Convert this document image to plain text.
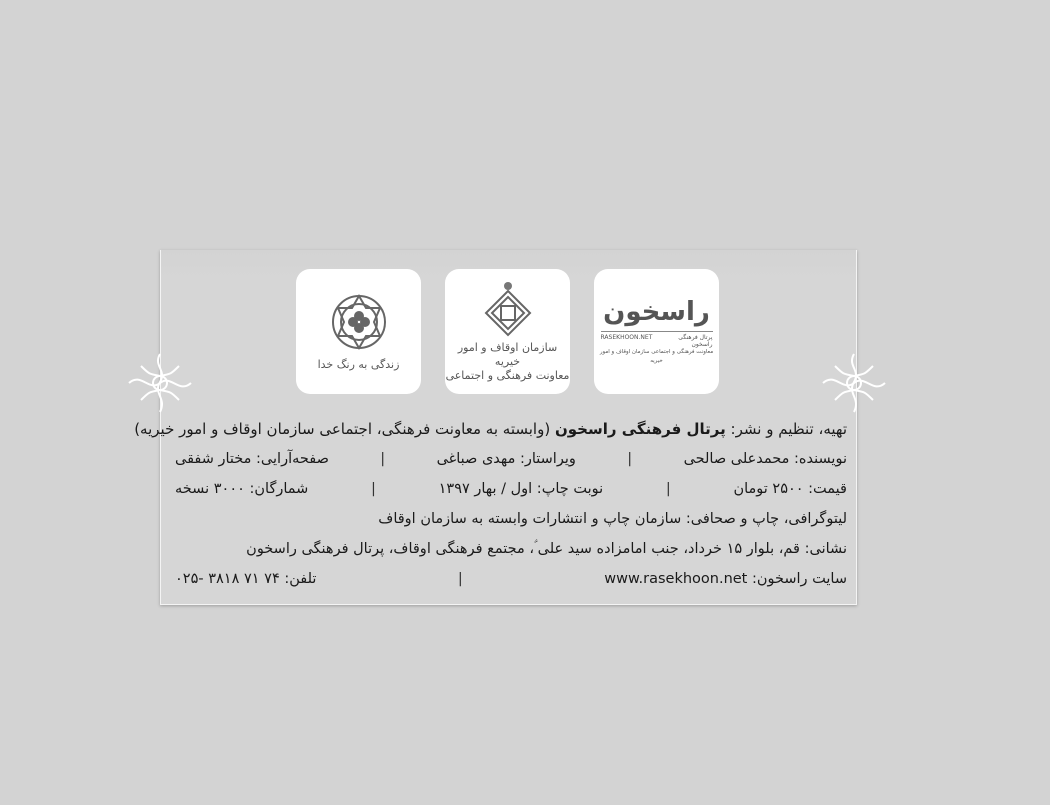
زندگی به رنگ خدا
سازمان اوقاف و امور خیریه
معاونت فرهنگی و اجتماعی
راسخون
RASEKHOON.NET	پرتال فرهنگی راسخون
معاونت فرهنگی و اجتماعی سازمان اوقاف و امور خیریه
تهیه، تنظیم و نشر:

پرتال فرهنگی راسخون

(وابسته به معاونت فرهنگی، اجتماعی سازمان اوقاف و امور خیریه)
نویسنده: محمدعلی صالحی
|
ویراستار: مهدی صباغی
|
صفحه‌آرایی: مختار شفقی
قیمت: ۲۵۰۰ تومان
|
نوبت چاپ: اول / بهار ۱۳۹۷
|
شمارگان: ۳۰۰۰ نسخه
لیتوگرافی، چاپ و صحافی: سازمان چاپ و انتشارات وابسته به سازمان اوقاف
نشانی: قم، بلوار ۱۵ خرداد، جنب امامزاده سید علی ؑ، مجتمع فرهنگی اوقاف، پرتال فرهنگی راسخون
سایت راسخون: www.rasekhoon.net
|
تلفن: ۰۲۵- ۳۸۱۸ ۷۱ ۷۴
